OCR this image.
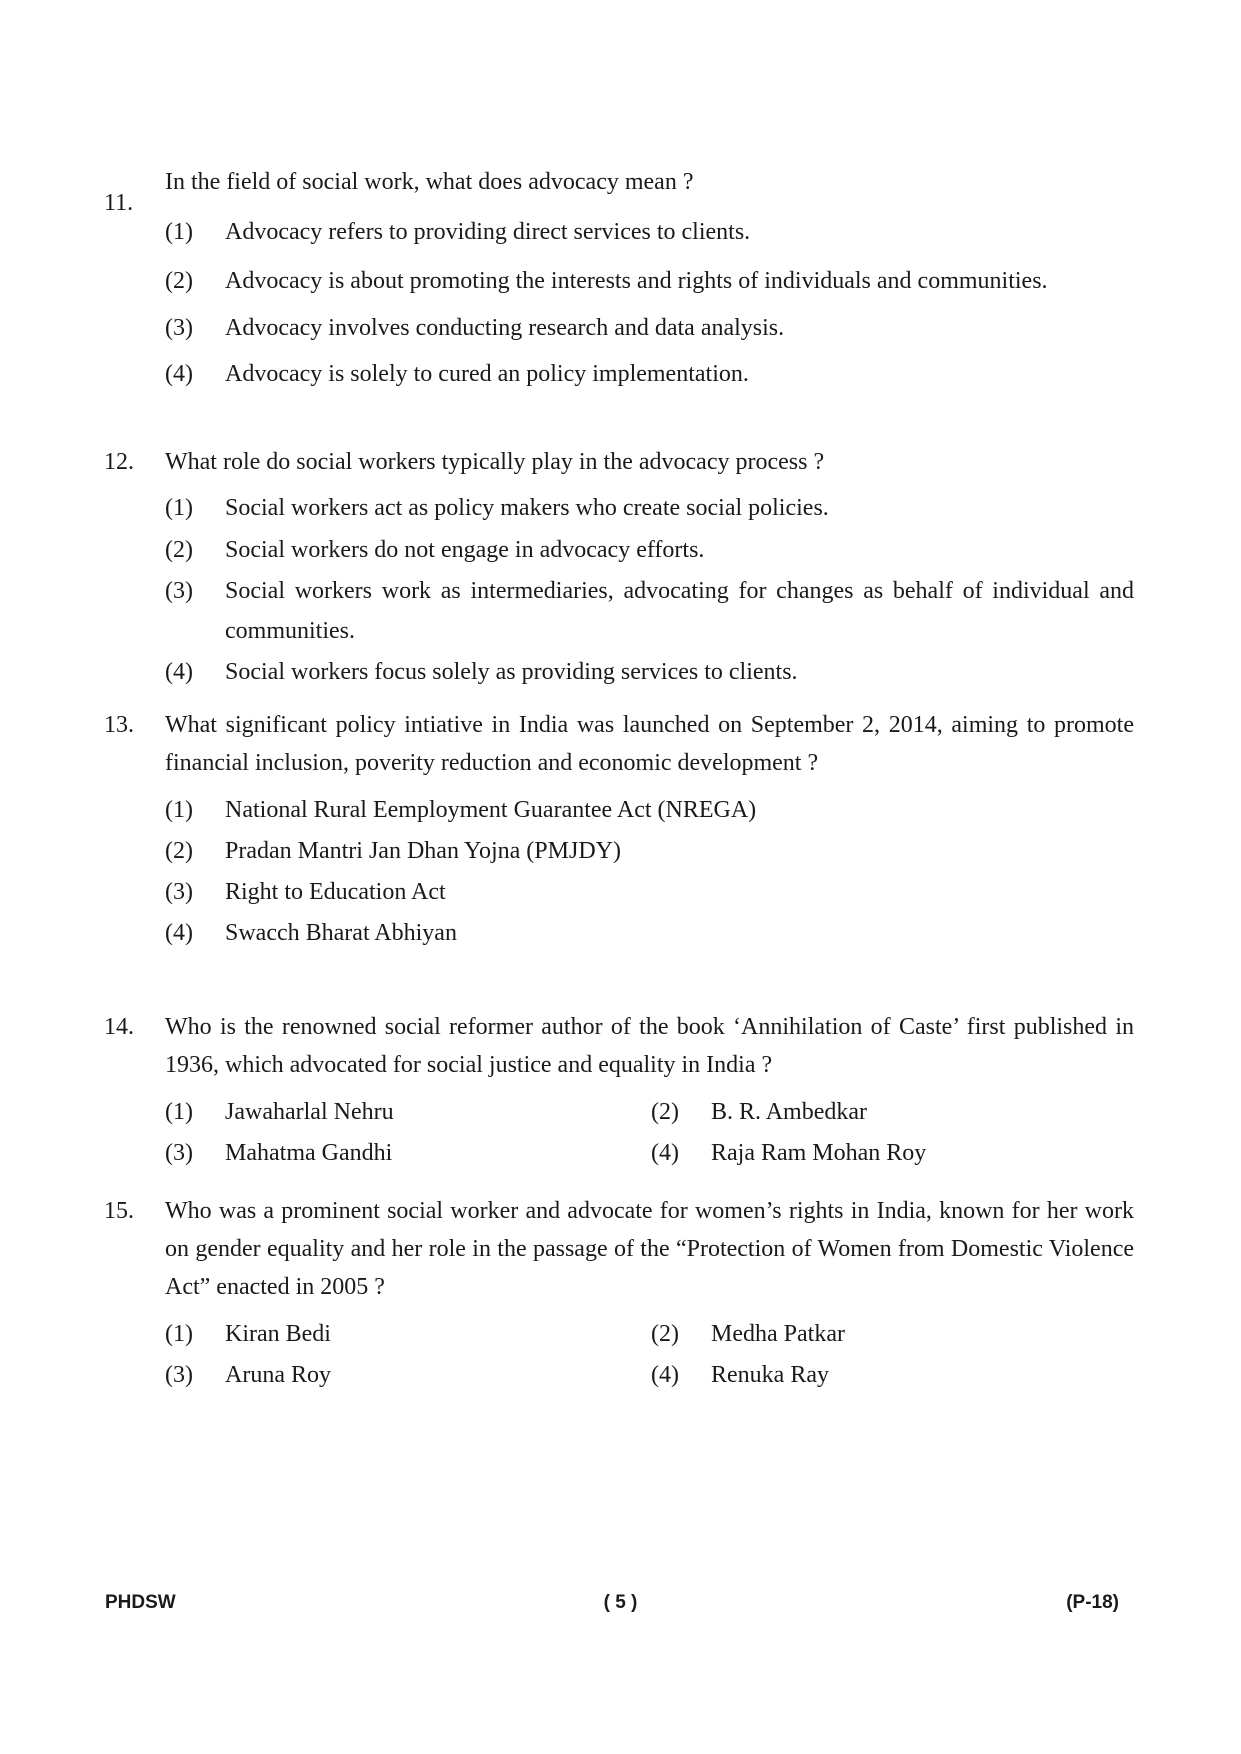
11.
In the field of social work, what does advocacy mean ?
(1) Advocacy refers to providing direct services to clients.
(2) Advocacy is about promoting the interests and rights of individuals and communities.
(3) Advocacy involves conducting research and data analysis.
(4) Advocacy is solely to cured an policy implementation.
12.	What role do social workers typically play in the advocacy process ?
(1) Social workers act as policy makers who create social policies.
(2) Social workers do not engage in advocacy efforts.
(3) Social workers work as intermediaries, advocating for changes as behalf of individual and communities.
(4) Social workers focus solely as providing services to clients.
13.	What significant policy intiative in India was launched on September 2, 2014, aiming to promote financial inclusion, poverity reduction and economic development ?
(1) National Rural Eemployment Guarantee Act (NREGA)
(2) Pradan Mantri Jan Dhan Yojna (PMJDY)
(3) Right to Education Act
(4) Swacch Bharat Abhiyan
14.	Who is the renowned social reformer author of the book ‘Annihilation of Caste’ first published in 1936, which advocated for social justice and equality in India ?
(1) Jawaharlal Nehru	(2) B. R. Ambedkar
(3) Mahatma Gandhi	(4) Raja Ram Mohan Roy
15.	Who was a prominent social worker and advocate for women’s rights in India, known for her work on gender equality and her role in the passage of the “Protection of Women from Domestic Violence Act” enacted in 2005 ?
(1) Kiran Bedi	(2) Medha Patkar
(3) Aruna Roy	(4) Renuka Ray
PHDSW	( 5 )	(P-18)
